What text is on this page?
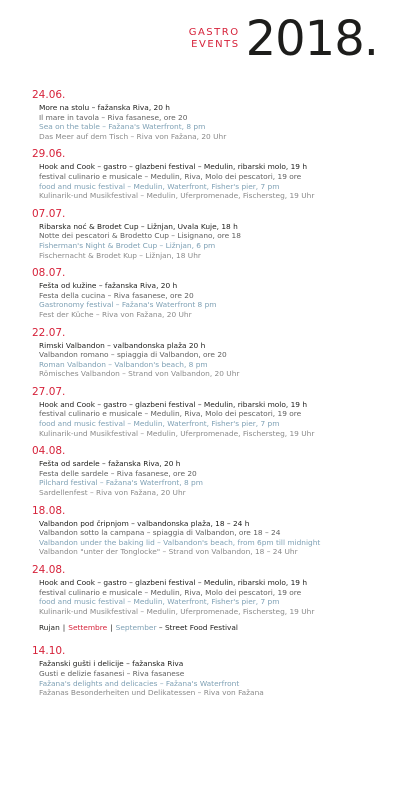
GASTRO
EVENTS 2018.
24.06.
More na stolu – fažanska Riva, 20 h
Il mare in tavola – Riva fasanese, ore 20
Sea on the table – Fažana's Waterfront, 8 pm
Das Meer auf dem Tisch – Riva von Fažana, 20 Uhr
29.06.
Hook and Cook – gastro – glazbeni festival – Medulin, ribarski molo, 19 h
festival culinario e musicale – Medulin, Riva, Molo dei pescatori, 19 ore
food and music festival – Medulin, Waterfront, Fisher's pier, 7 pm
Kulinarik-und Musikfestival – Medulin, Uferpromenade, Fischersteg, 19 Uhr
07.07.
Ribarska noć & Brodet Cup – Ližnjan, Uvala Kuje, 18 h
Notte dei pescatori & Brodetto Cup – Lisignano, ore 18
Fisherman's Night & Brodet Cup – Ližnjan, 6 pm
Fischernacht & Brodet Kup – Ližnjan, 18 Uhr
08.07.
Fešta od kužine – fažanska Riva, 20 h
Festa della cucina – Riva fasanese, ore 20
Gastronomy festival – Fažana's Waterfront 8 pm
Fest der Küche – Riva von Fažana, 20 Uhr
22.07.
Rimski Valbandon – valbandonska plaža 20 h
Valbandon romano – spiaggia di Valbandon, ore 20
Roman Valbandon – Valbandon's beach, 8 pm
Römisches Valbandon – Strand von Valbandon, 20 Uhr
27.07.
Hook and Cook – gastro – glazbeni festival – Medulin, ribarski molo, 19 h
festival culinario e musicale – Medulin, Riva, Molo dei pescatori, 19 ore
food and music festival – Medulin, Waterfront, Fisher's pier, 7 pm
Kulinarik-und Musikfestival – Medulin, Uferpromenade, Fischersteg, 19 Uhr
04.08.
Fešta od sardele – fažanska Riva, 20 h
Festa delle sardele – Riva fasanese, ore 20
Pilchard festival – Fažana's Waterfront, 8 pm
Sardellenfest – Riva von Fažana, 20 Uhr
18.08.
Valbandon pod čripnjom – valbandonska plaža, 18 – 24 h
Valbandon sotto la campana – spiaggia di Valbandon, ore 18 – 24
Valbandon under the baking lid – Valbandon's beach, from 6pm till midnight
Valbandon "unter der Tonglocke" – Strand von Valbandon, 18 – 24 Uhr
24.08.
Hook and Cook – gastro – glazbeni festival – Medulin, ribarski molo, 19 h
festival culinario e musicale – Medulin, Riva, Molo dei pescatori, 19 ore
food and music festival – Medulin, Waterfront, Fisher's pier, 7 pm
Kulinarik-und Musikfestival – Medulin, Uferpromenade, Fischersteg, 19 Uhr
Rujan | Settembre | September – Street Food Festival
14.10.
Fažanski gušti i delicije – fažanska Riva
Gusti e delizie fasanesi – Riva fasanese
Fažana's delights and delicacies – Fažana's Waterfront
Fažanas Besonderheiten und Delikatessen – Riva von Fažana
